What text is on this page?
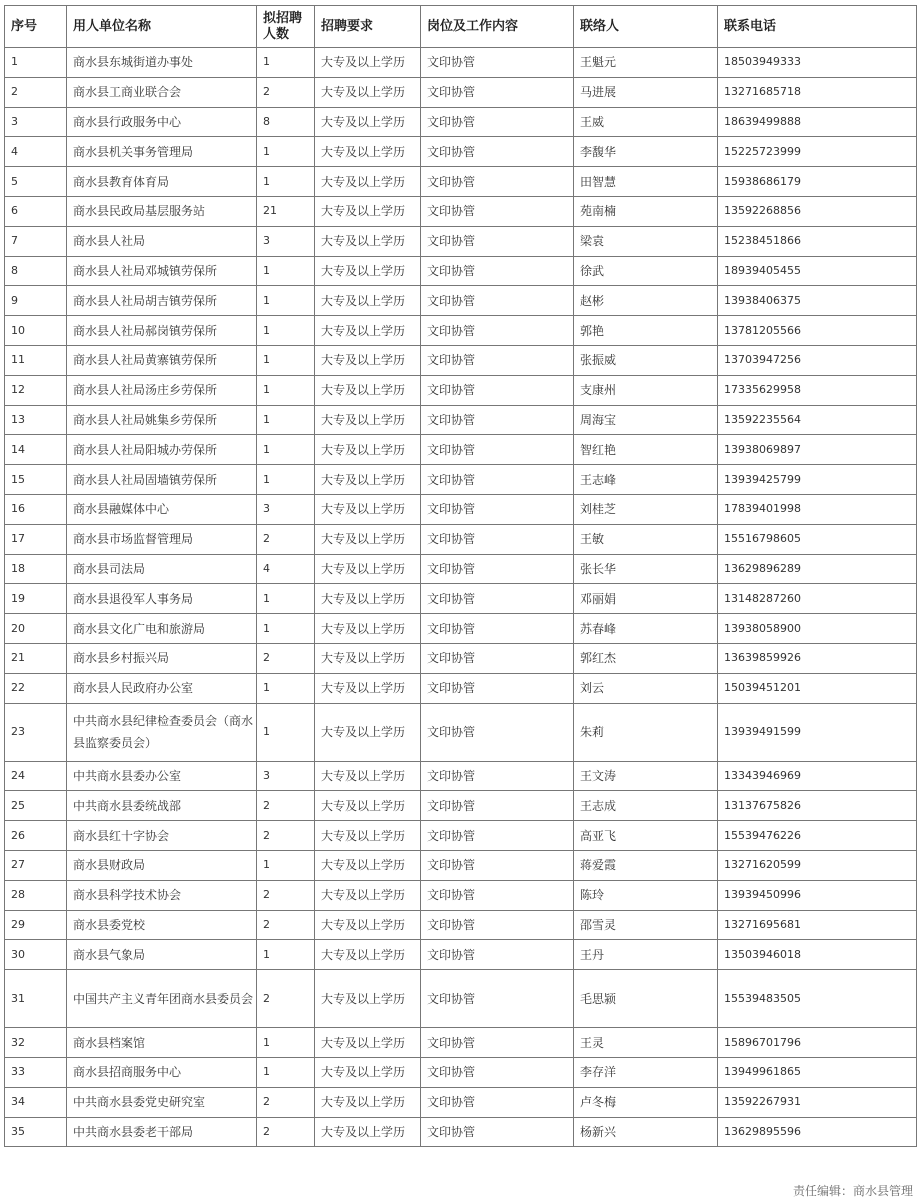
序号	用人单位名称	拟招聘人数	招聘要求	岗位及工作内容	联络人	联系电话
1	商水县东城街道办事处	1	大专及以上学历	文印协管	王魁元	18503949333
2	商水县工商业联合会	2	大专及以上学历	文印协管	马进展	13271685718
3	商水县行政服务中心	8	大专及以上学历	文印协管	王威	18639499888
4	商水县机关事务管理局	1	大专及以上学历	文印协管	李馥华	15225723999
5	商水县教育体育局	1	大专及以上学历	文印协管	田智慧	15938686179
6	商水县民政局基层服务站	21	大专及以上学历	文印协管	苑南楠	13592268856
7	商水县人社局	3	大专及以上学历	文印协管	梁袁	15238451866
8	商水县人社局邓城镇劳保所	1	大专及以上学历	文印协管	徐武	18939405455
9	商水县人社局胡吉镇劳保所	1	大专及以上学历	文印协管	赵彬	13938406375
10	商水县人社局郝岗镇劳保所	1	大专及以上学历	文印协管	郭艳	13781205566
11	商水县人社局黄寨镇劳保所	1	大专及以上学历	文印协管	张振威	13703947256
12	商水县人社局汤庄乡劳保所	1	大专及以上学历	文印协管	支康州	17335629958
13	商水县人社局姚集乡劳保所	1	大专及以上学历	文印协管	周海宝	13592235564
14	商水县人社局阳城办劳保所	1	大专及以上学历	文印协管	智红艳	13938069897
15	商水县人社局固墙镇劳保所	1	大专及以上学历	文印协管	王志峰	13939425799
16	商水县融媒体中心	3	大专及以上学历	文印协管	刘桂芝	17839401998
17	商水县市场监督管理局	2	大专及以上学历	文印协管	王敏	15516798605
18	商水县司法局	4	大专及以上学历	文印协管	张长华	13629896289
19	商水县退役军人事务局	1	大专及以上学历	文印协管	邓丽娟	13148287260
20	商水县文化广电和旅游局	1	大专及以上学历	文印协管	苏春峰	13938058900
21	商水县乡村振兴局	2	大专及以上学历	文印协管	郭红杰	13639859926
22	商水县人民政府办公室	1	大专及以上学历	文印协管	刘云	15039451201
23	中共商水县纪律检查委员会（商水县监察委员会）	1	大专及以上学历	文印协管	朱莉	13939491599
24	中共商水县委办公室	3	大专及以上学历	文印协管	王文涛	13343946969
25	中共商水县委统战部	2	大专及以上学历	文印协管	王志成	13137675826
26	商水县红十字协会	2	大专及以上学历	文印协管	高亚飞	15539476226
27	商水县财政局	1	大专及以上学历	文印协管	蒋爱霞	13271620599
28	商水县科学技术协会	2	大专及以上学历	文印协管	陈玲	13939450996
29	商水县委党校	2	大专及以上学历	文印协管	邵雪灵	13271695681
30	商水县气象局	1	大专及以上学历	文印协管	王丹	13503946018
31	中国共产主义青年团商水县委员会	2	大专及以上学历	文印协管	毛思颍	15539483505
32	商水县档案馆	1	大专及以上学历	文印协管	王灵	15896701796
33	商水县招商服务中心	1	大专及以上学历	文印协管	李存洋	13949961865
34	中共商水县委党史研究室	2	大专及以上学历	文印协管	卢冬梅	13592267931
35	中共商水县委老干部局	2	大专及以上学历	文印协管	杨新兴	13629895596
责任编辑：商水县管理
